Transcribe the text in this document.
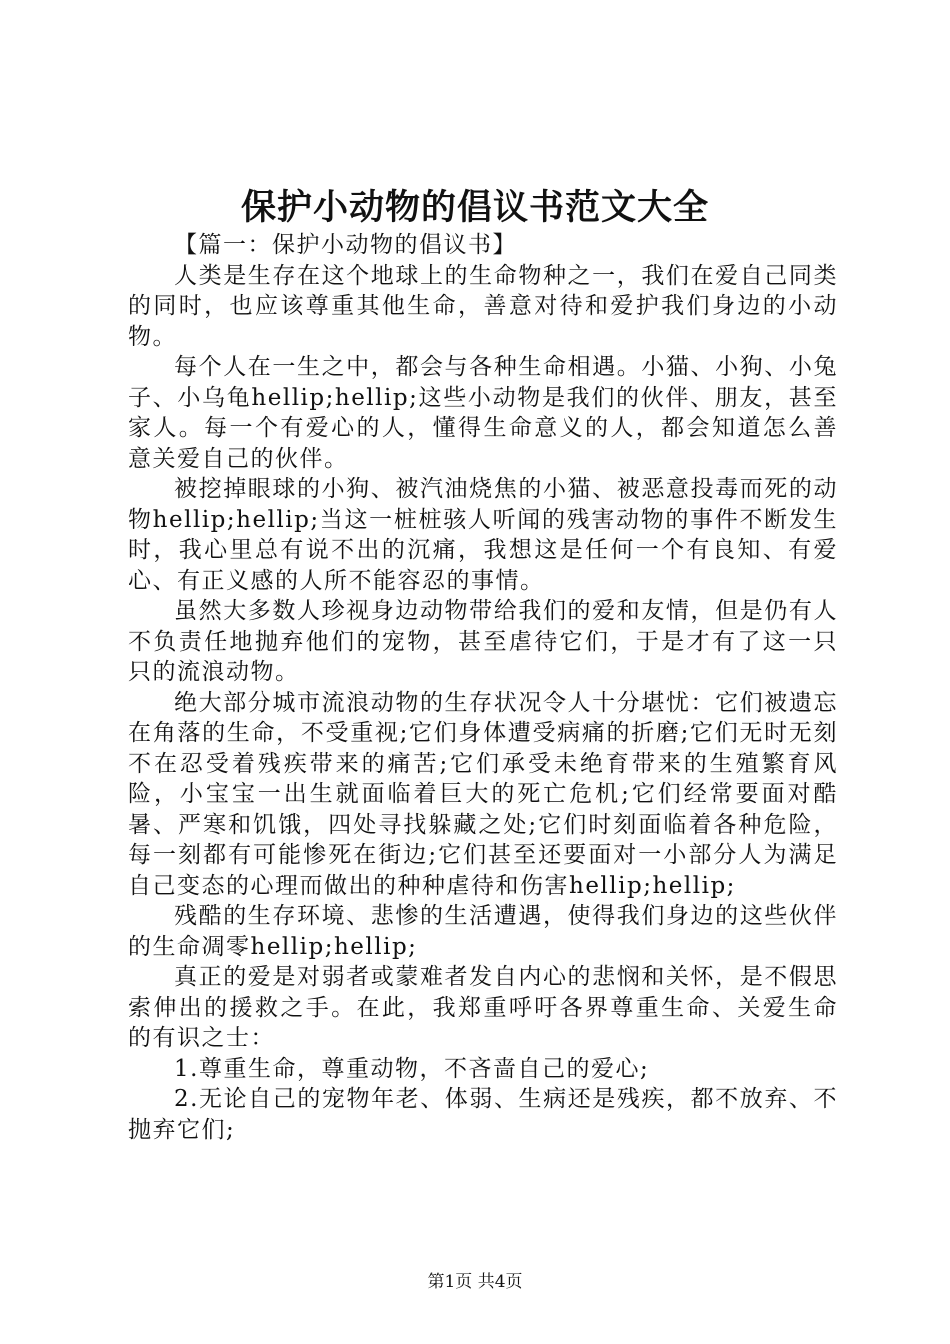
保护小动物的倡议书范文大全

【篇一：保护小动物的倡议书】

人类是生存在这个地球上的生命物种之一，我们在爱自己同类的同时，也应该尊重其他生命，善意对待和爱护我们身边的小动物。

每个人在一生之中，都会与各种生命相遇。小猫、小狗、小兔子、小乌龟hellip;hellip;这些小动物是我们的伙伴、朋友，甚至家人。每一个有爱心的人，懂得生命意义的人，都会知道怎么善意关爱自己的伙伴。

被挖掉眼球的小狗、被汽油烧焦的小猫、被恶意投毒而死的动物hellip;hellip;当这一桩桩骇人听闻的残害动物的事件不断发生时，我心里总有说不出的沉痛，我想这是任何一个有良知、有爱心、有正义感的人所不能容忍的事情。

虽然大多数人珍视身边动物带给我们的爱和友情，但是仍有人不负责任地抛弃他们的宠物，甚至虐待它们，于是才有了这一只只的流浪动物。

绝大部分城市流浪动物的生存状况令人十分堪忧：它们被遗忘在角落的生命，不受重视;它们身体遭受病痛的折磨;它们无时无刻不在忍受着残疾带来的痛苦;它们承受未绝育带来的生殖繁育风险，小宝宝一出生就面临着巨大的死亡危机;它们经常要面对酷暑、严寒和饥饿，四处寻找躲藏之处;它们时刻面临着各种危险，每一刻都有可能惨死在街边;它们甚至还要面对一小部分人为满足自己变态的心理而做出的种种虐待和伤害hellip;hellip;

残酷的生存环境、悲惨的生活遭遇，使得我们身边的这些伙伴的生命凋零hellip;hellip;

真正的爱是对弱者或蒙难者发自内心的悲悯和关怀，是不假思索伸出的援救之手。在此，我郑重呼吁各界尊重生命、关爱生命的有识之士：

1.尊重生命，尊重动物，不吝啬自己的爱心;

2.无论自己的宠物年老、体弱、生病还是残疾，都不放弃、不抛弃它们;

第1页 共4页
